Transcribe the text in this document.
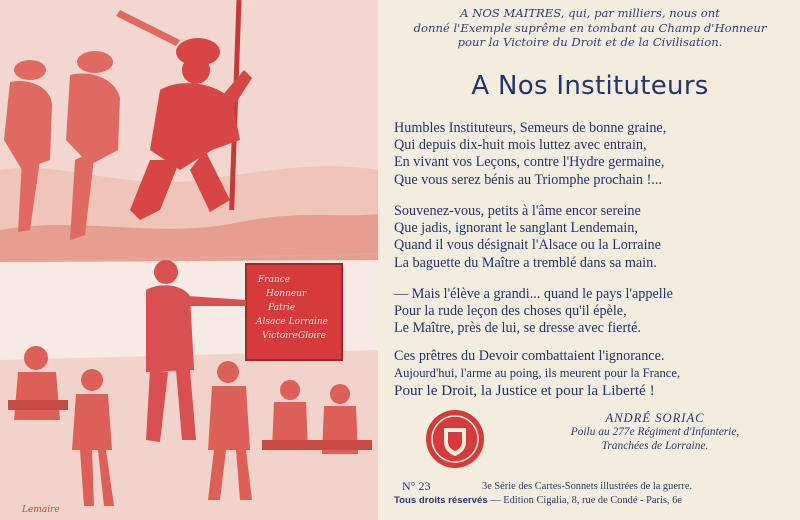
France
Honneur
Patrie
Alsace Lorraine
Victoire Gloire
Lemaire
A NOS MAITRES, qui, par milliers, nous ont
donné l'Exemple suprême en tombant au Champ d'Honneur
pour la Victoire du Droit et de la Civilisation.
A Nos Instituteurs
Humbles Instituteurs, Semeurs de bonne graine,
Qui depuis dix-huit mois luttez avec entrain,
En vivant vos Leçons, contre l'Hydre germaine,
Que vous serez bénis au Triomphe prochain !...
Souvenez-vous, petits à l'âme encor sereine
Que jadis, ignorant le sanglant Lendemain,
Quand il vous désignait l'Alsace ou la Lorraine
La baguette du Maître a tremblé dans sa main.
— Mais l'élève a grandi... quand le pays l'appelle
Pour la rude leçon des choses qu'il épèle,
Le Maître, près de lui, se dresse avec fierté.
Ces prêtres du Devoir combattaient l'ignorance.
Aujourd'hui, l'arme au poing, ils meurent pour la France,
Pour le Droit, la Justice et pour la Liberté !
ANDRÉ SORIAC
Poilu au 277e Régiment d'Infanterie,
Tranchées de Lorraine.
N° 23	3e Série des Cartes-Sonnets illustrées de la guerre.
Tous droits réservés — Edition Cigalia, 8, rue de Condé - Paris, 6e
